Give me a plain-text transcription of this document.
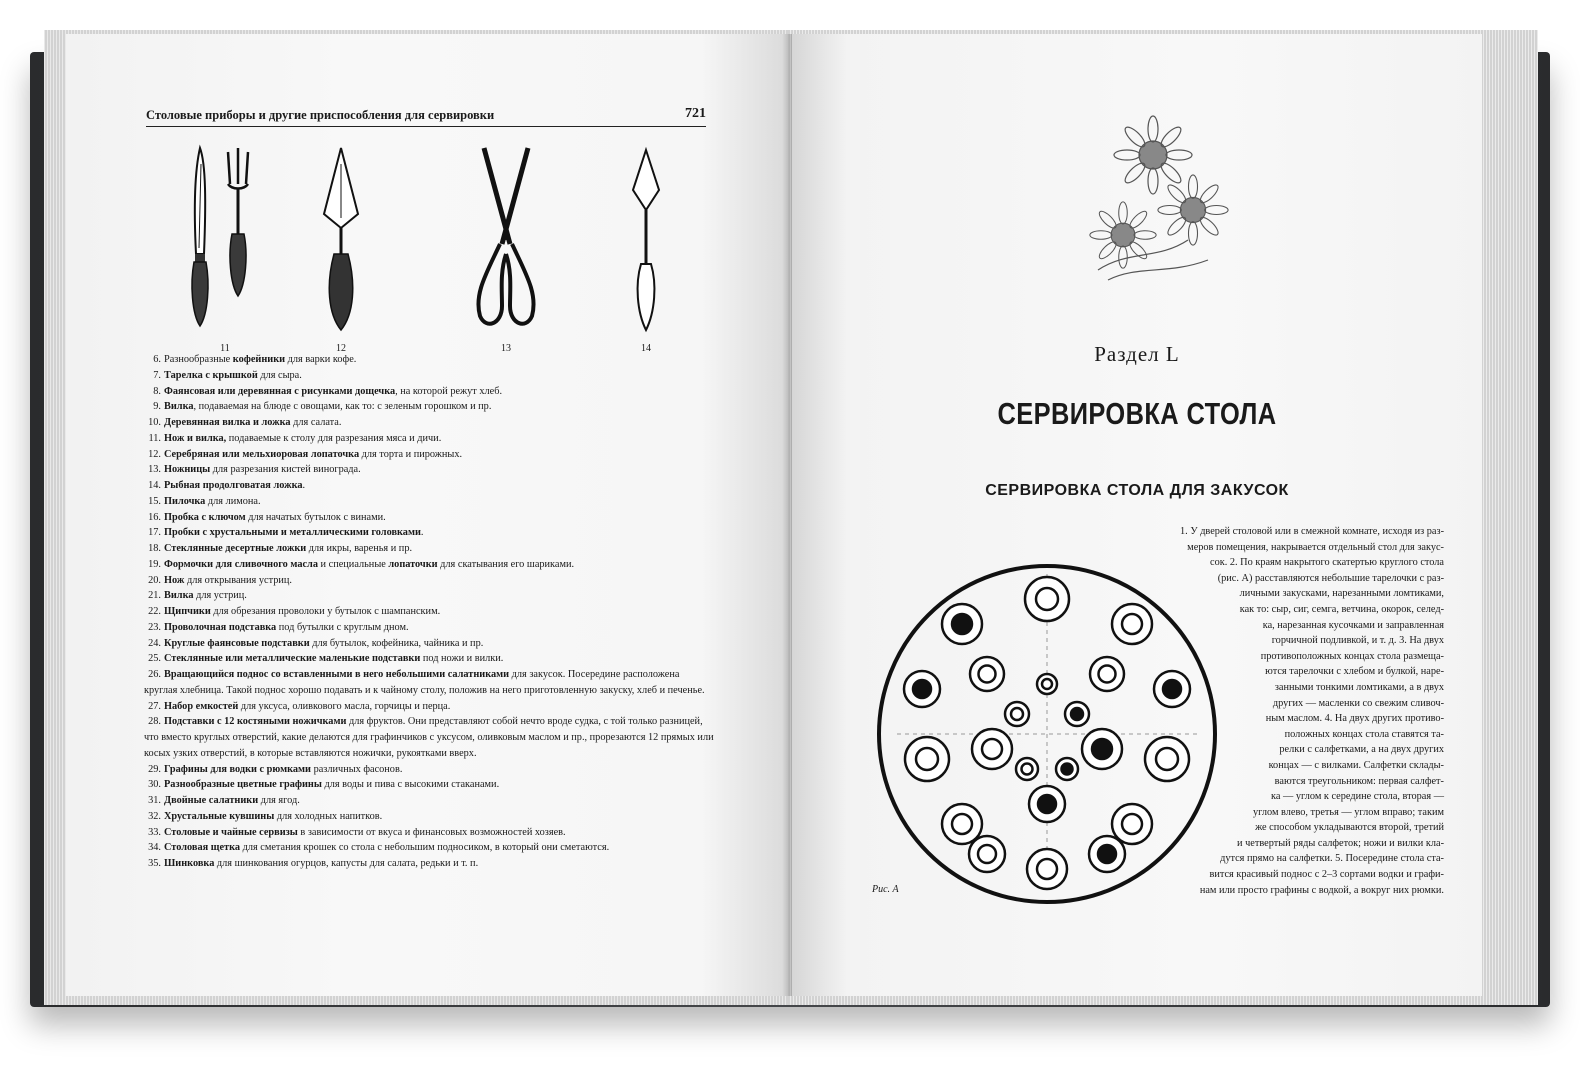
Столовые приборы и другие приспособления для сервировки	721
11	12	13	14
6. Разнообразные кофейники для варки кофе.
7. Тарелка с крышкой для сыра.
8. Фаянсовая или деревянная с рисунками дощечка, на которой режут хлеб.
9. Вилка, подаваемая на блюде с овощами, как то: с зеленым горошком и пр.
10. Деревянная вилка и ложка для салата.
11. Нож и вилка, подаваемые к столу для разрезания мяса и дичи.
12. Серебряная или мельхиоровая лопаточка для торта и пирожных.
13. Ножницы для разрезания кистей винограда.
14. Рыбная продолговатая ложка.
15. Пилочка для лимона.
16. Пробка с ключом для начатых бутылок с винами.
17. Пробки с хрустальными и металлическими головками.
18. Стеклянные десертные ложки для икры, варенья и пр.
19. Формочки для сливочного масла и специальные лопаточки для скатывания его шариками.
20. Нож для открывания устриц.
21. Вилка для устриц.
22. Щипчики для обрезания проволоки у бутылок с шампанским.
23. Проволочная подставка под бутылки с круглым дном.
24. Круглые фаянсовые подставки для бутылок, кофейника, чайника и пр.
25. Стеклянные или металлические маленькие подставки под ножи и вилки.
26. Вращающийся поднос со вставленными в него небольшими салатниками для закусок. Посередине расположена круглая хлебница. Такой поднос хорошо подавать и к чайному столу, положив на него приготовленную закуску, хлеб и печенье.
27. Набор емкостей для уксуса, оливкового масла, горчицы и перца.
28. Подставки с 12 костяными ножичками для фруктов. Они представляют собой нечто вроде судка, с той только разницей, что вместо круглых отверстий, какие делаются для графинчиков с уксусом, оливковым маслом и пр., прорезаются 12 прямых или косых узких отверстий, в которые вставляются ножички, рукоятками вверх.
29. Графины для водки с рюмками различных фасонов.
30. Разнообразные цветные графины для воды и пива с высокими стаканами.
31. Двойные салатники для ягод.
32. Хрустальные кувшины для холодных напитков.
33. Столовые и чайные сервизы в зависимости от вкуса и финансовых возможностей хозяев.
34. Столовая щетка для сметания крошек со стола с небольшим подносиком, в который они сметаются.
35. Шинковка для шинкования огурцов, капусты для салата, редьки и т. п.
Раздел L
СЕРВИРОВКА СТОЛА
СЕРВИРОВКА СТОЛА ДЛЯ ЗАКУСОК
Рис. А
1. У дверей столовой или в смежной комнате, исходя из раз-
меров помещения, накрывается отдельный стол для закус-
сок. 2. По краям накрытого скатертью круглого стола
(рис. А) расставляются небольшие тарелочки с раз-
личными закусками, нарезанными ломтиками,
как то: сыр, сиг, семга, ветчина, окорок, селед-
ка, нарезанная кусочками и заправленная
горчичной подливкой, и т. д. 3. На двух
противоположных концах стола размеща-
ются тарелочки с хлебом и булкой, наре-
занными тонкими ломтиками, а в двух
других — масленки со свежим сливоч-
ным маслом. 4. На двух других противо-
положных концах стола ставятся та-
релки с салфетками, а на двух других
концах — с вилками. Салфетки склады-
ваются треугольником: первая салфет-
ка — углом к середине стола, вторая —
углом влево, третья — углом вправо; таким
же способом укладываются второй, третий
и четвертый ряды салфеток; ножи и вилки кла-
дутся прямо на салфетки. 5. Посередине стола ста-
вится красивый поднос с 2–3 сортами водки и графи-
нам или просто графины с водкой, а вокруг них рюмки.
